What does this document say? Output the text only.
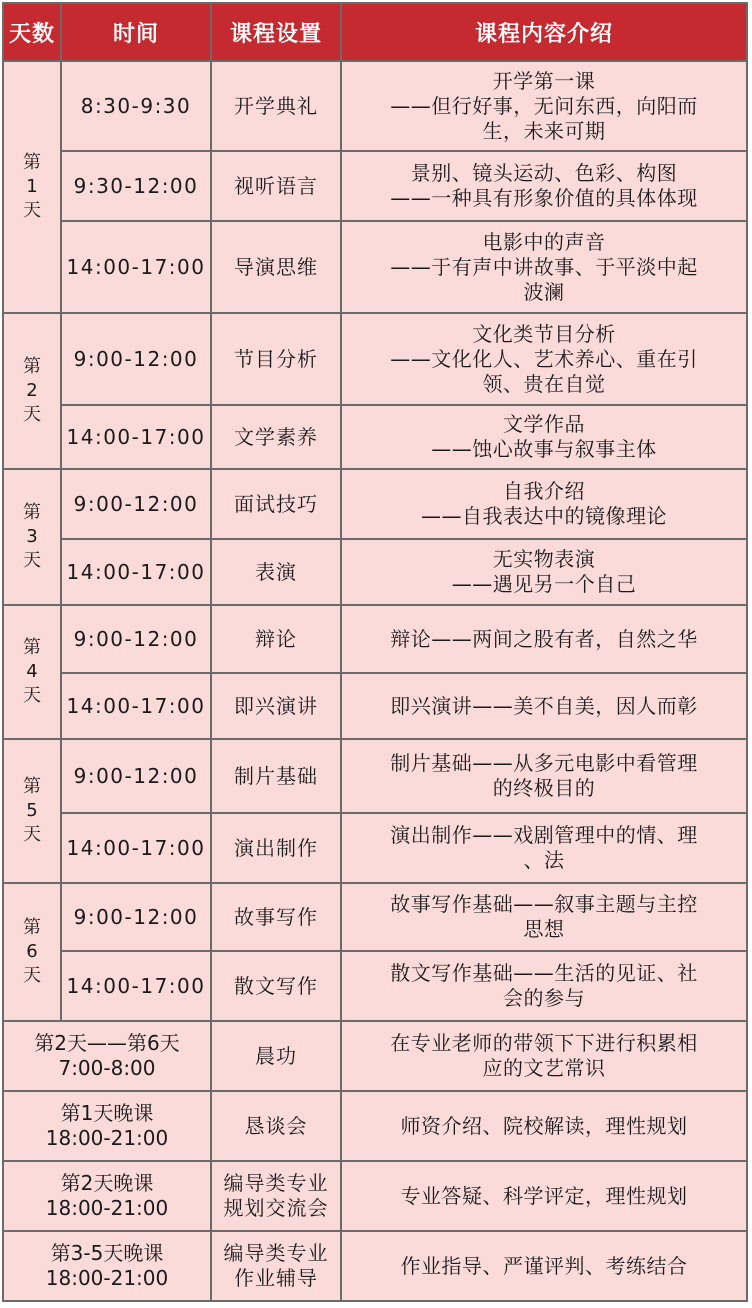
天数	时间	课程设置	课程内容介绍

第
1
天	8:30-9:30	开学典礼	开学第一课
——但行好事，无问东西，向阳而
生，未来可期

	9:30-12:00	视听语言	景别、镜头运动、色彩、构图
——一种具有形象价值的具体体现

	14:00-17:00	导演思维	电影中的声音
——于有声中讲故事、于平淡中起
波澜

第
2
天	9:00-12:00	节目分析	文化类节目分析
——文化化人、艺术养心、重在引
领、贵在自觉

	14:00-17:00	文学素养	文学作品
——蚀心故事与叙事主体

第
3
天	9:00-12:00	面试技巧	自我介绍
——自我表达中的镜像理论

	14:00-17:00	表演	无实物表演
——遇见另一个自己

第
4
天	9:00-12:00	辩论	辩论——两间之股有者，自然之华

	14:00-17:00	即兴演讲	即兴演讲——美不自美，因人而彰

第
5
天	9:00-12:00	制片基础	制片基础——从多元电影中看管理
的终极目的

	14:00-17:00	演出制作	演出制作——戏剧管理中的情、理
、法

第
6
天	9:00-12:00	故事写作	故事写作基础——叙事主题与主控
思想

	14:00-17:00	散文写作	散文写作基础——生活的见证、社
会的参与

第2天——第6天
7:00-8:00		晨功	在专业老师的带领下下进行积累相
应的文艺常识

第1天晚课
18:00-21:00		恳谈会	师资介绍、院校解读，理性规划

第2天晚课
18:00-21:00		编导类专业
规划交流会	专业答疑、科学评定，理性规划

第3-5天晚课
18:00-21:00		编导类专业
作业辅导	作业指导、严谨评判、考练结合
